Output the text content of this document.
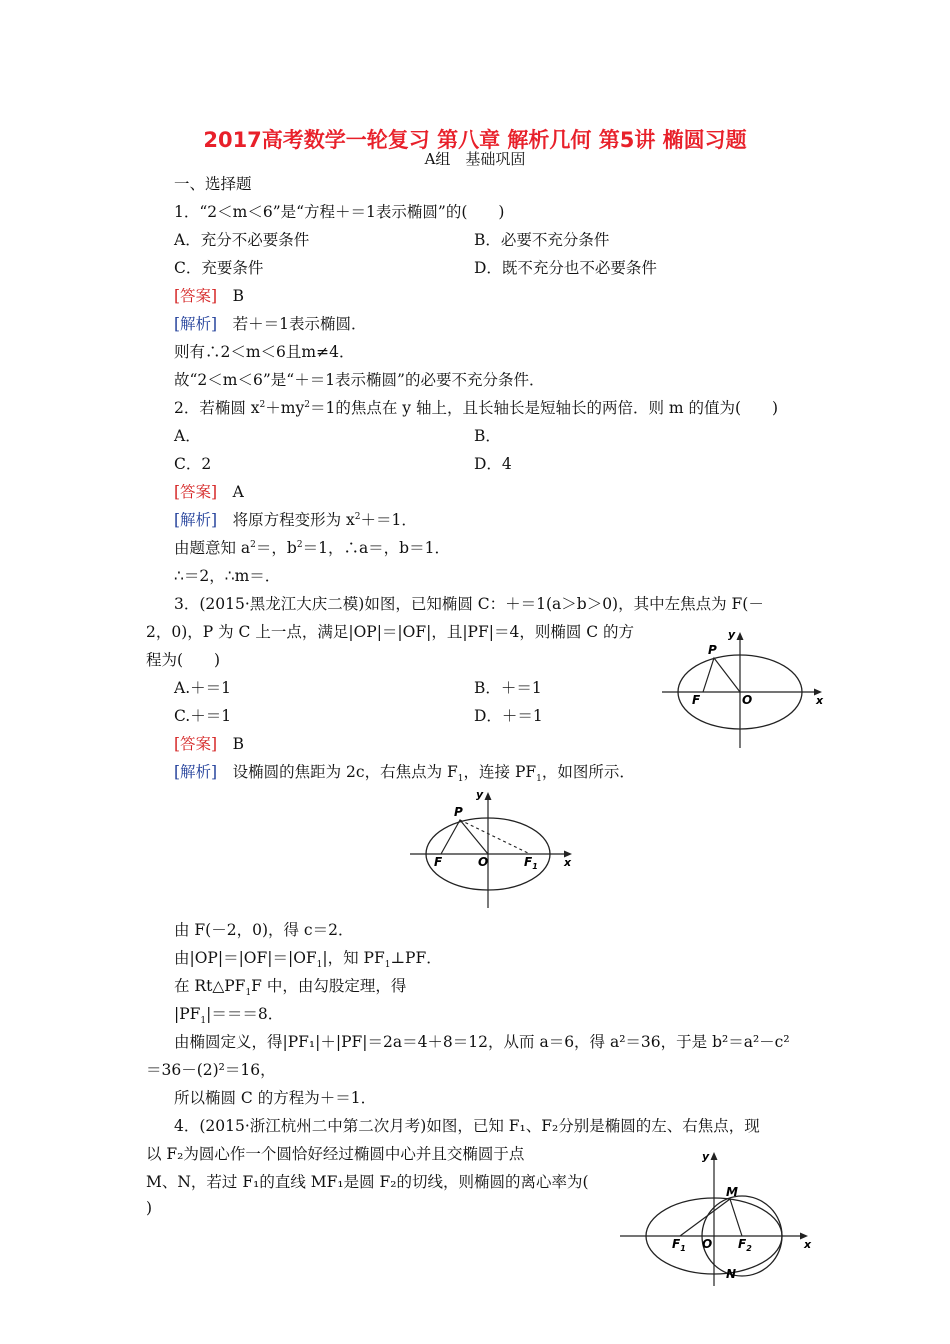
2017高考数学一轮复习 第八章 解析几何 第5讲 椭圆习题
A组　基础巩固
一、选择题
1．“2＜m＜6”是“方程＋＝1表示椭圆”的(　　)
A．充分不必要条件	B．必要不充分条件
C．充要条件	D．既不充分也不必要条件
[答案]　 B
[解析]　 若＋＝1表示椭圆．
则有∴2＜m＜6且m≠4．
故“2＜m＜6”是“＋＝1表示椭圆”的必要不充分条件．
2．若椭圆 $x^2+my^2=1$的焦点在 y 轴上，且长轴长是短轴长的两倍．则 m 的值为(　　)
A．	B．
C．2	D．4
[答案]　 A
[解析]　 将原方程变形为 $x^2+=1$．
由题意知 $a^2=$，$b^2=1$，∴a＝，b＝1．
∴＝2，∴m＝．
3．(2015·黑龙江大庆二模)如图，已知椭圆 C：＋＝1(a＞b＞0)，其中左焦点为 F(－
2，0)，P 为 C 上一点，满足|OP|＝|OF|，且|PF|＝4，则椭圆 C 的方
程为(　　)
A.＋＝1	B．＋＝1
C.＋＝1	D．＋＝1
[答案]　 B
[解析]　 设椭圆的焦距为 2c，右焦点为 $F_1$，连接 $PF_1$，如图所示．
P
F	O	x
y
P
F	O	$F_1$ x
y
由 F(－2，0)，得 c＝2．
由$|OP|=|OF|=|OF_1|$，知 $PF_1\perp PF$．
在 $Rt\triangle PF_1F$ 中，由勾股定理，得
$|PF_1|===8$．
由椭圆定义，得|PF₁|＋|PF|＝2a＝4＋8＝12，从而 a＝6，得 a²＝36，于是 b²＝a²－c²
＝36－(2)²＝16，
所以椭圆 C 的方程为＋＝1．
4．(2015·浙江杭州二中第二次月考)如图，已知 F₁、F₂分别是椭圆的左、右焦点，现
以 F₂为圆心作一个圆恰好经过椭圆中心并且交椭圆于点
M、N，若过 F₁的直线 MF₁是圆 F₂的切线，则椭圆的离心率为(
)
M
N
$F_1$ O $F_2$	x
y
